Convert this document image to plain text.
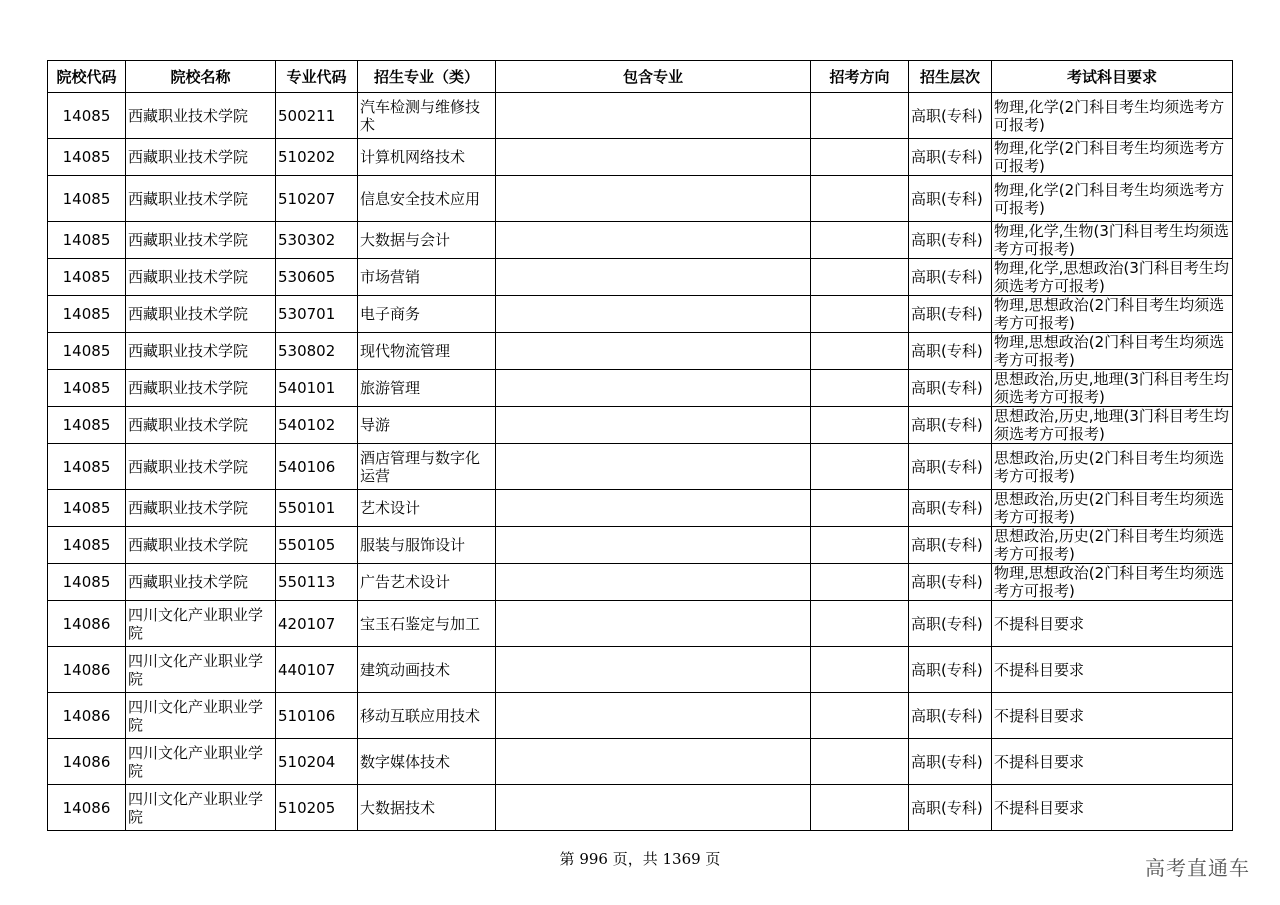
院校代码	院校名称	专业代码	招生专业（类）	包含专业	招考方向	招生层次	考试科目要求
14085	西藏职业技术学院	500211	汽车检测与维修技术			高职(专科)	物理,化学(2门科目考生均须选考方可报考)
14085	西藏职业技术学院	510202	计算机网络技术			高职(专科)	物理,化学(2门科目考生均须选考方可报考)
14085	西藏职业技术学院	510207	信息安全技术应用			高职(专科)	物理,化学(2门科目考生均须选考方可报考)
14085	西藏职业技术学院	530302	大数据与会计			高职(专科)	物理,化学,生物(3门科目考生均须选考方可报考)
14085	西藏职业技术学院	530605	市场营销			高职(专科)	物理,化学,思想政治(3门科目考生均须选考方可报考)
14085	西藏职业技术学院	530701	电子商务			高职(专科)	物理,思想政治(2门科目考生均须选考方可报考)
14085	西藏职业技术学院	530802	现代物流管理			高职(专科)	物理,思想政治(2门科目考生均须选考方可报考)
14085	西藏职业技术学院	540101	旅游管理			高职(专科)	思想政治,历史,地理(3门科目考生均须选考方可报考)
14085	西藏职业技术学院	540102	导游			高职(专科)	思想政治,历史,地理(3门科目考生均须选考方可报考)
14085	西藏职业技术学院	540106	酒店管理与数字化运营			高职(专科)	思想政治,历史(2门科目考生均须选考方可报考)
14085	西藏职业技术学院	550101	艺术设计			高职(专科)	思想政治,历史(2门科目考生均须选考方可报考)
14085	西藏职业技术学院	550105	服装与服饰设计			高职(专科)	思想政治,历史(2门科目考生均须选考方可报考)
14085	西藏职业技术学院	550113	广告艺术设计			高职(专科)	物理,思想政治(2门科目考生均须选考方可报考)
14086	四川文化产业职业学院	420107	宝玉石鉴定与加工			高职(专科)	不提科目要求
14086	四川文化产业职业学院	440107	建筑动画技术			高职(专科)	不提科目要求
14086	四川文化产业职业学院	510106	移动互联应用技术			高职(专科)	不提科目要求
14086	四川文化产业职业学院	510204	数字媒体技术			高职(专科)	不提科目要求
14086	四川文化产业职业学院	510205	大数据技术			高职(专科)	不提科目要求
第 996 页，共 1369 页	高考直通车
